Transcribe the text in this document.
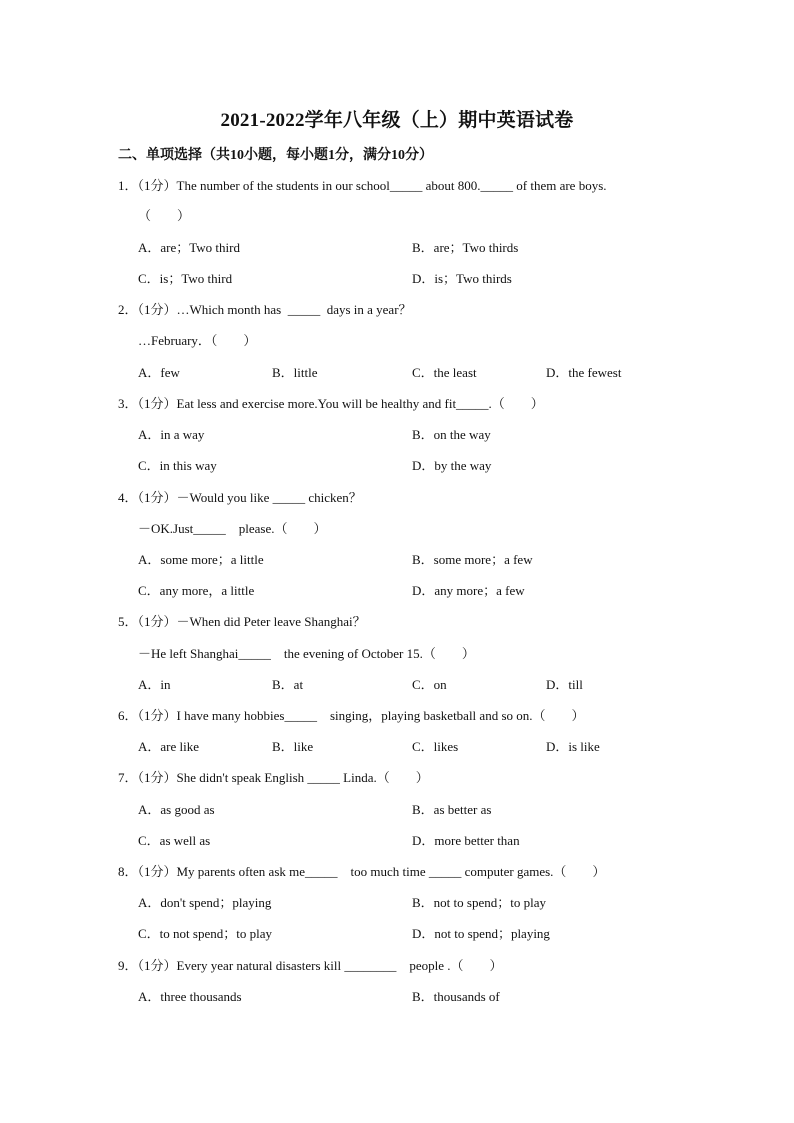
2021-2022学年八年级（上）期中英语试卷
二、单项选择（共10小题，每小题1分，满分10分）
1．（1分）The number of the students in our school_____ about 800._____ of them are boys.
（　　）
A．are；Two third	B．are；Two thirds
C．is；Two third	D．is；Two thirds
2．（1分）…Which month has  _____  days in a year？
…February．（　　）
A．few	B．little	C．the least	D．the fewest
3．（1分）Eat less and exercise more.You will be healthy and fit_____.（　　）
A．in a way	B．on the way
C．in this way	D．by the way
4．（1分）－Would you like _____ chicken？
－OK.Just_____    please.（　　）
A．some more；a little	B．some more；a few
C．any more，a little	D．any more；a few
5．（1分）－When did Peter leave Shanghai？
－He left Shanghai_____    the evening of October 15.（　　）
A．in	B．at	C．on	D．till
6．（1分）I have many hobbies_____    singing，playing basketball and so on.（　　）
A．are like	B．like	C．likes	D．is like
7．（1分）She didn't speak English _____ Linda.（　　）
A．as good as	B．as better as
C．as well as	D．more better than
8．（1分）My parents often ask me_____    too much time _____ computer games.（　　）
A．don't spend；playing	B．not to spend；to play
C．to not spend；to play	D．not to spend；playing
9．（1分）Every year natural disasters kill ________    people .（　　）
A．three thousands	B．thousands of
